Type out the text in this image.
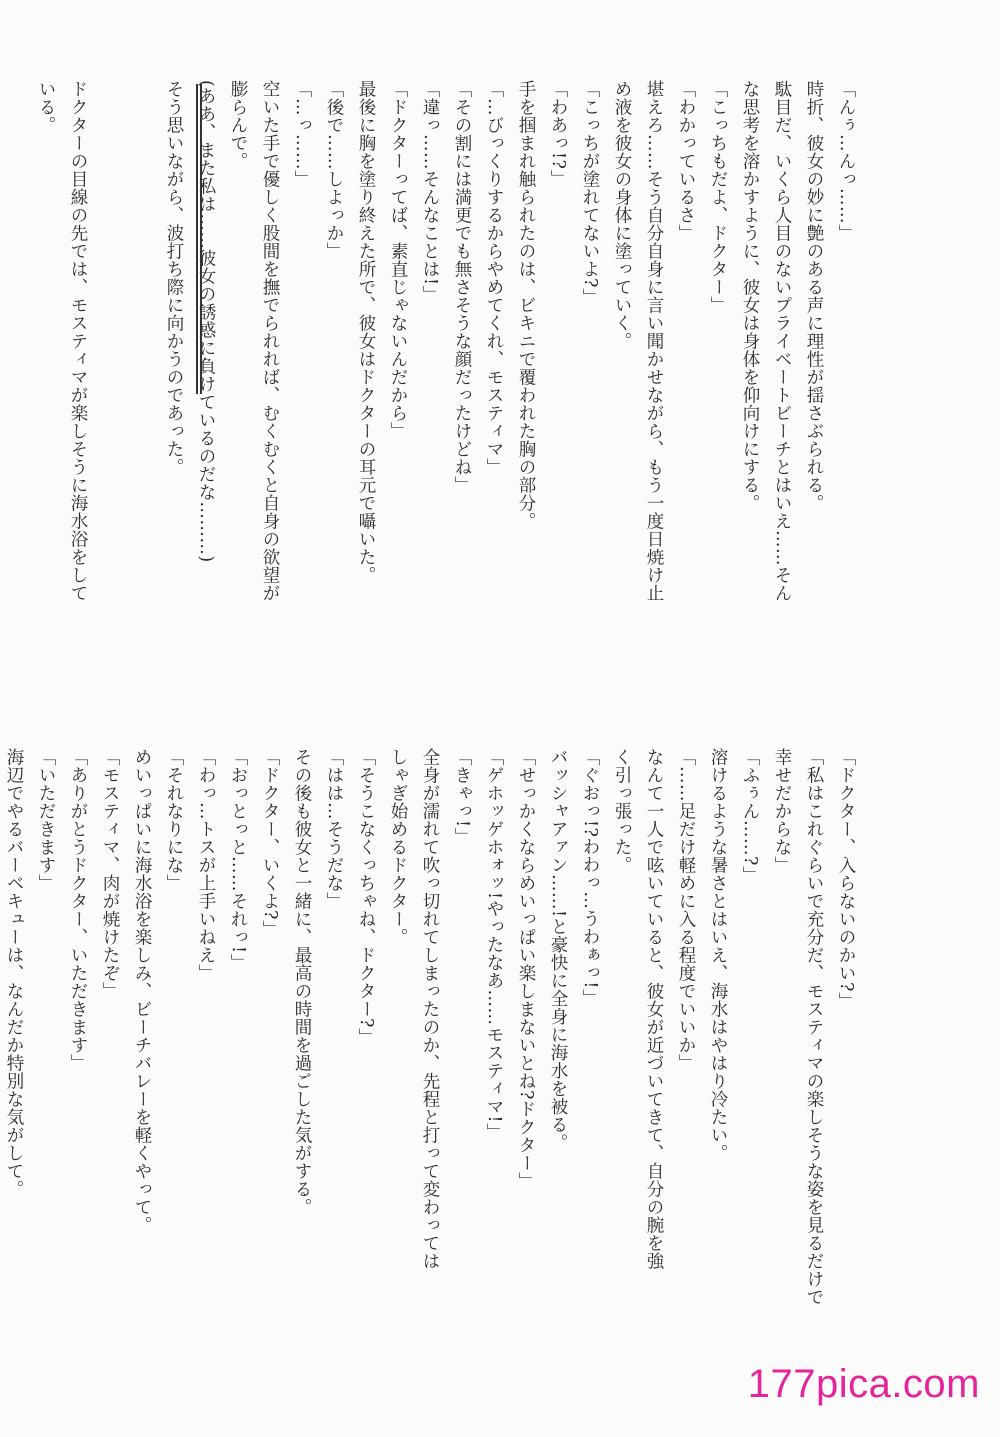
「んぅ…んっ……」
時折、彼女の妙に艶のある声に理性が揺さぶられる。
駄目だ、いくら人目のないプライベートビーチとはいえ……そん
な思考を溶かすように、彼女は身体を仰向けにする。
「こっちもだよ、ドクター」
「わかっているさ」
堪えろ……そう自分自身に言い聞かせながら、もう一度日焼け止
め液を彼女の身体に塗っていく。
「こっちが塗れてないよ?」
「わあっ!?」
手を掴まれ触られたのは、ビキニで覆われた胸の部分。
「…びっくりするからやめてくれ、モスティマ」
「その割には満更でも無さそうな顔だったけどね」
「違っ……そんなことは!」
「ドクターってば、素直じゃないんだから」
最後に胸を塗り終えた所で、彼女はドクターの耳元で囁いた。
「後で……しよっか」
「…っ……」
空いた手で優しく股間を撫でられれば、むくむくと自身の欲望が
膨らんで。
(ああ、また私は……彼女の誘惑に負けているのだな………)
そう思いながら、波打ち際に向かうのであった。

ドクターの目線の先では、モスティマが楽しそうに海水浴をして
いる。
「ドクター、入らないのかい?」
「私はこれぐらいで充分だ、モスティマの楽しそうな姿を見るだけで
幸せだからな」
「ふぅん……?」
溶けるような暑さとはいえ、海水はやはり冷たい。
「……足だけ軽めに入る程度でいいか」
なんて一人で呟いていると、彼女が近づいてきて、自分の腕を強
く引っ張った。
「ぐおっ!?わわっ…うわぁっ!」
バッシャアァン……!と豪快に全身に海水を被る。
「せっかくならめいっぱい楽しまないとね?ドクター」
「ゲホッゲホォッ!やったなあ……モスティマ!」
「きゃっ!」
全身が濡れて吹っ切れてしまったのか、先程と打って変わっては
しゃぎ始めるドクター。
「そうこなくっちゃね、ドクター?」
「はは…そうだな」
その後も彼女と一緒に、最高の時間を過ごした気がする。
「ドクター、いくよ?」
「おっとっと……それっ!」
「わっ…トスが上手いねえ」
「それなりにな」
めいっぱいに海水浴を楽しみ、ビーチバレーを軽くやって。
「モスティマ、肉が焼けたぞ」
「ありがとうドクター、いただきます」
「いただきます」
海辺でやるバーベキューは、なんだか特別な気がして。
177pica.com
